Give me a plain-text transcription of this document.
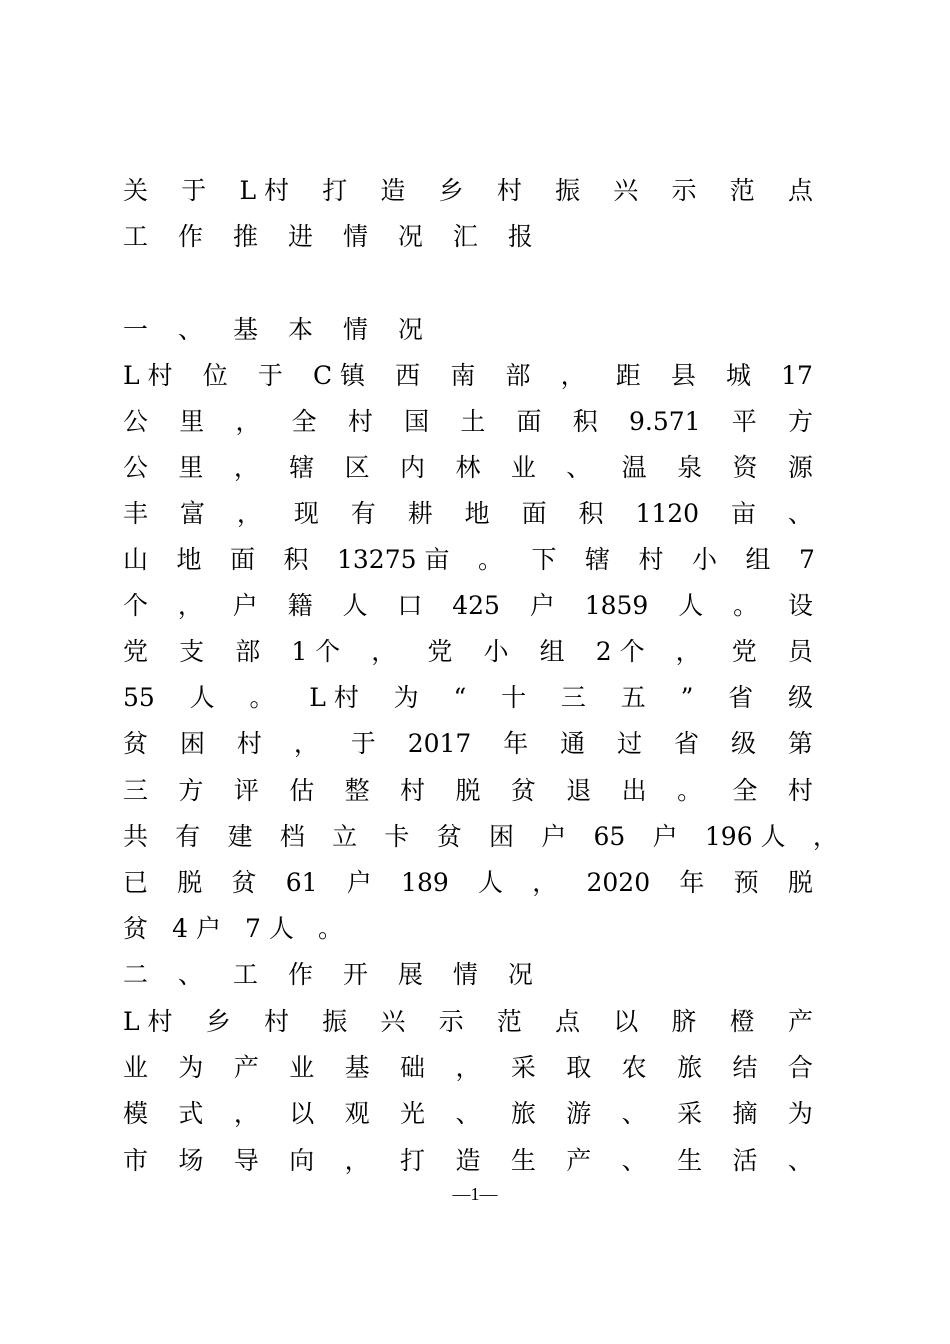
关 于 L 村 打 造 乡 村 振 兴 示 范 点
工 作 推 进 情 况 汇 报
一 、 基 本 情 况
L 村 位 于 C 镇 西 南 部 ， 距 县 城 17
公 里 ， 全 村 国 土 面 积 9.571 平 方
公 里 ， 辖 区 内 林 业 、 温 泉 资 源
丰 富 ， 现 有 耕 地 面 积 1120 亩 、
山 地 面 积 13275 亩 。 下 辖 村 小 组 7
个 ， 户 籍 人 口 425 户 1859 人 。 设
党 支 部 1 个 ， 党 小 组 2 个 ， 党 员
55 人 。 L 村 为 “ 十 三 五 ” 省 级
贫 困 村 ， 于 2017 年 通 过 省 级 第
三 方 评 估 整 村 脱 贫 退 出 。 全 村
共 有 建 档 立 卡 贫 困 户 65 户 196 人 ，
已 脱 贫 61 户 189 人 ， 2020 年 预 脱
贫 4 户 7 人 。
二 、 工 作 开 展 情 况
L 村 乡 村 振 兴 示 范 点 以 脐 橙 产
业 为 产 业 基 础 ， 采 取 农 旅 结 合
模 式 ， 以 观 光 、 旅 游 、 采 摘 为
市 场 导 向 ， 打 造 生 产 、 生 活 、
—1—
